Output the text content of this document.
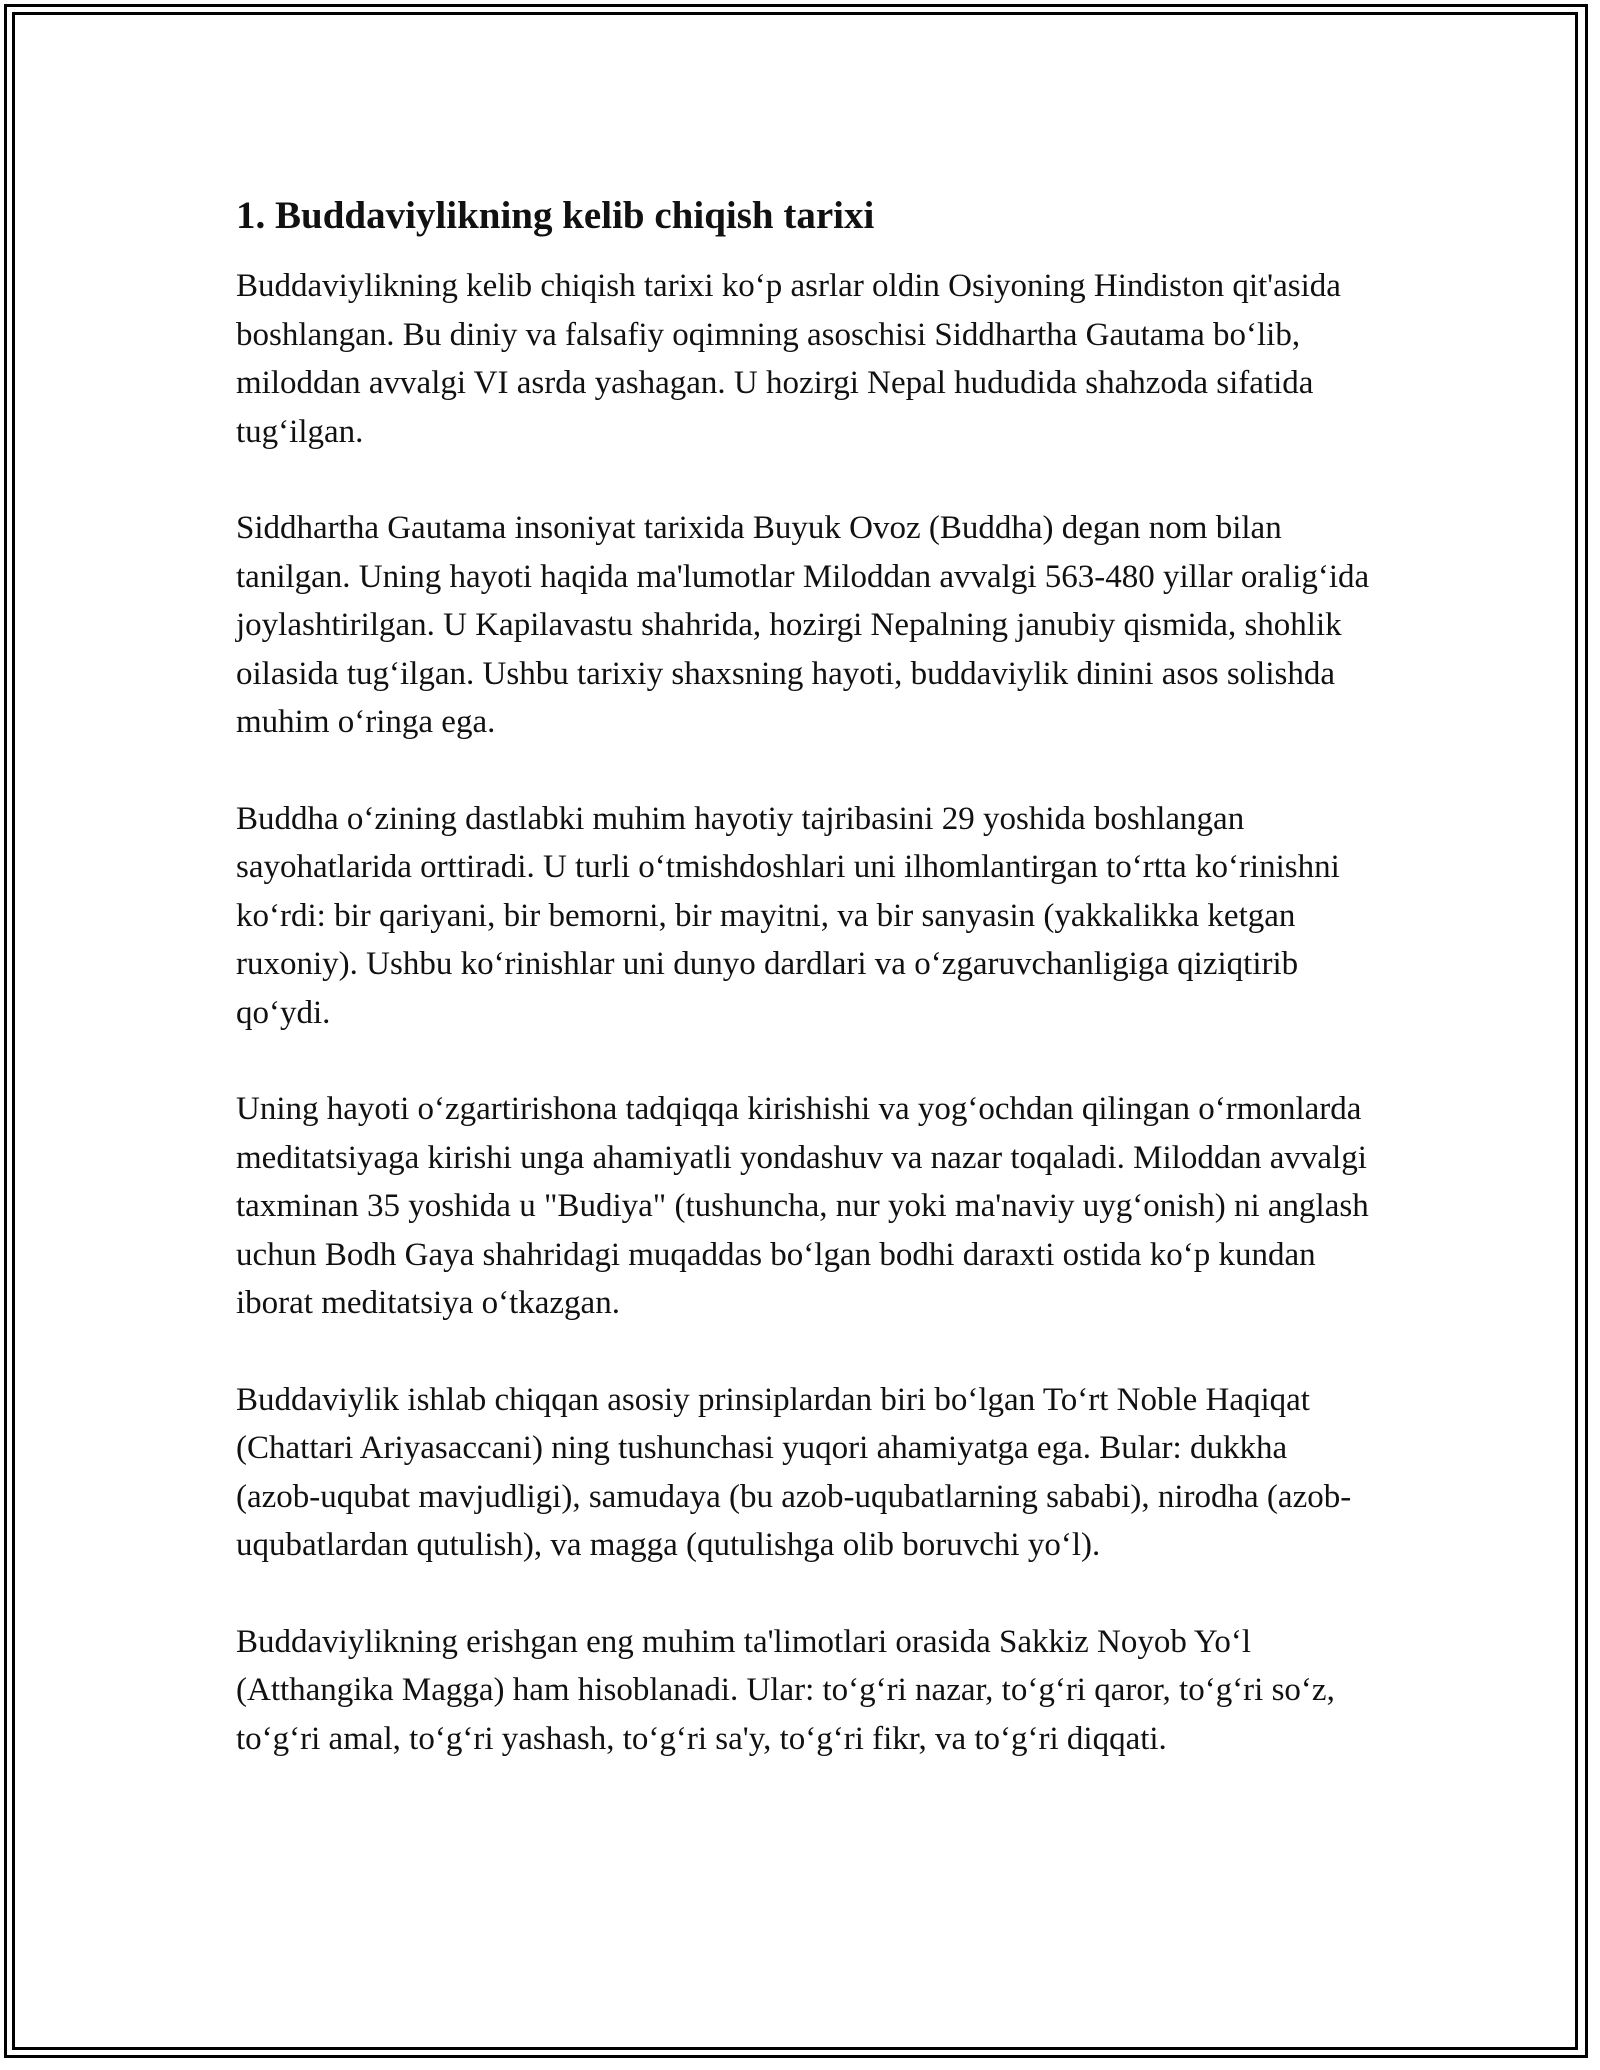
1. Buddaviylikning kelib chiqish tarixi

Buddaviylikning kelib chiqish tarixi ko‘p asrlar oldin Osiyoning Hindiston qit'asida boshlangan. Bu diniy va falsafiy oqimning asoschisi Siddhartha Gautama bo‘lib, miloddan avvalgi VI asrda yashagan. U hozirgi Nepal hududida shahzoda sifatida tug‘ilgan.

Siddhartha Gautama insoniyat tarixida Buyuk Ovoz (Buddha) degan nom bilan tanilgan. Uning hayoti haqida ma'lumotlar Miloddan avvalgi 563-480 yillar oralig‘ida joylashtirilgan. U Kapilavastu shahrida, hozirgi Nepalning janubiy qismida, shohlik oilasida tug‘ilgan. Ushbu tarixiy shaxsning hayoti, buddaviylik dinini asos solishda muhim o‘ringa ega.

Buddha o‘zining dastlabki muhim hayotiy tajribasini 29 yoshida boshlangan sayohatlarida orttiradi. U turli o‘tmishdoshlari uni ilhomlantirgan to‘rtta ko‘rinishni ko‘rdi: bir qariyani, bir bemorni, bir mayitni, va bir sanyasin (yakkalikka ketgan ruxoniy). Ushbu ko‘rinishlar uni dunyo dardlari va o‘zgaruvchanligiga qiziqtirib qo‘ydi.

Uning hayoti o‘zgartirishona tadqiqqa kirishishi va yog‘ochdan qilingan o‘rmonlarda meditatsiyaga kirishi unga ahamiyatli yondashuv va nazar toqaladi. Miloddan avvalgi taxminan 35 yoshida u "Budiya" (tushuncha, nur yoki ma'naviy uyg‘onish) ni anglash uchun Bodh Gaya shahridagi muqaddas bo‘lgan bodhi daraxti ostida ko‘p kundan iborat meditatsiya o‘tkazgan.

Buddaviylik ishlab chiqqan asosiy prinsiplardan biri bo‘lgan To‘rt Noble Haqiqat (Chattari Ariyasaccani) ning tushunchasi yuqori ahamiyatga ega. Bular: dukkha (azob-uqubat mavjudligi), samudaya (bu azob-uqubatlarning sababi), nirodha (azob-uqubatlardan qutulish), va magga (qutulishga olib boruvchi yo‘l).

Buddaviylikning erishgan eng muhim ta'limotlari orasida Sakkiz Noyob Yo‘l (Atthangika Magga) ham hisoblanadi. Ular: to‘g‘ri nazar, to‘g‘ri qaror, to‘g‘ri so‘z, to‘g‘ri amal, to‘g‘ri yashash, to‘g‘ri sa'y, to‘g‘ri fikr, va to‘g‘ri diqqati.
